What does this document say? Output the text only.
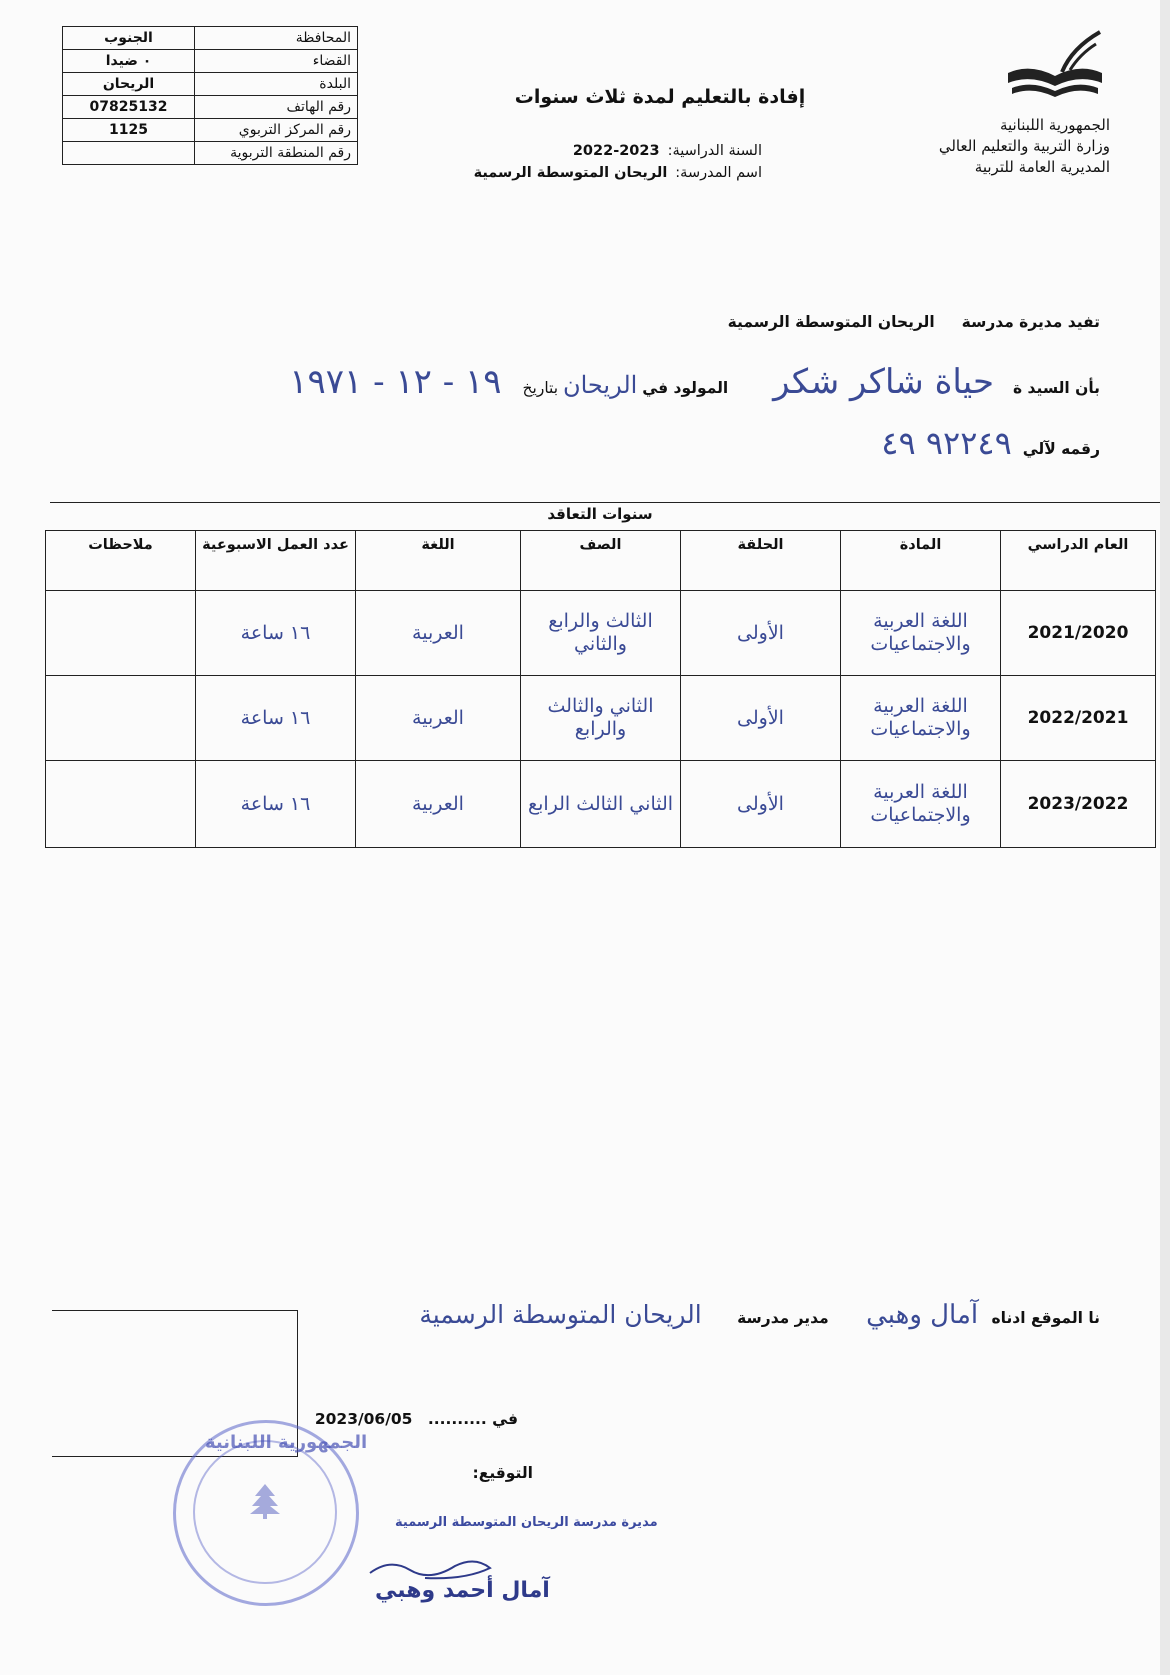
المحافظة	الجنوب
القضاء	٠ ضيدا
البلدة	الريحان
رقم الهاتف	07825132
رقم المركز التربوي	1125
رقم المنطقة التربوية	
الجمهورية اللبنانية
وزارة التربية والتعليم العالي
المديرية العامة للتربية
إفادة بالتعليم لمدة ثلاث سنوات
السنة الدراسية:2023-2022
اسم المدرسة:الريحان المتوسطة الرسمية
تفيد مديرة مدرسة     الريحان المتوسطة الرسمية
بأن السيد ة حياة شاكر شكر المولود في الريحان بتاريخ ١٩ - ١٢ - ١٩٧١
رقمه لآلي ٩٢٢٤٩ ٤٩
سنوات التعاقد
العام الدراسي	المادة	الحلقة	الصف	اللغة	عدد العمل الاسبوعية	ملاحظات
2021/2020	اللغة العربية والاجتماعيات	الأولى	الثالث والرابع والثاني	العربية	١٦ ساعة	
2022/2021	اللغة العربية والاجتماعيات	الأولى	الثاني والثالث والرابع	العربية	١٦ ساعة	
2023/2022	اللغة العربية والاجتماعيات	الأولى	الثاني الثالث الرابع	العربية	١٦ ساعة	
نا الموقع ادناه آمال وهبي مدير مدرسة الريحان المتوسطة الرسمية
في .......... 2023/06/05
التوقيع:
الجمهورية اللبنانية
مديرة مدرسة الريحان المتوسطة الرسمية
آمال أحمد وهبي
